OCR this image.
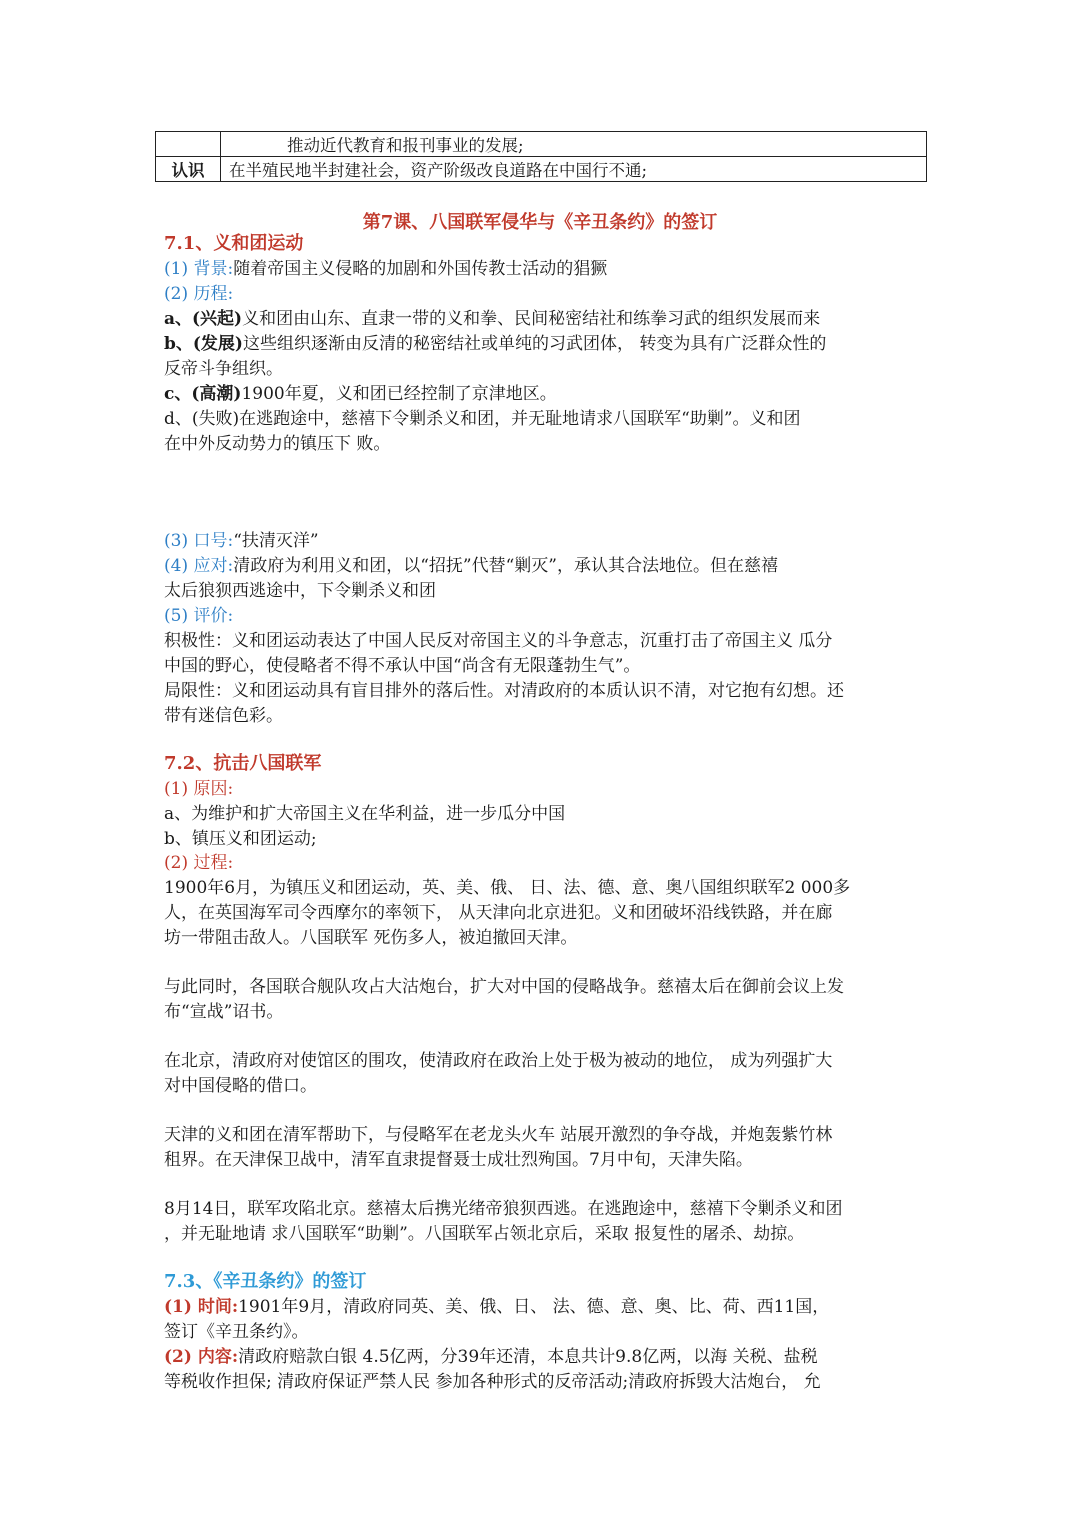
	推动近代教育和报刊事业的发展;
认识	在半殖民地半封建社会，资产阶级改良道路在中国行不通;
第7课、八国联军侵华与《辛丑条约》的签订
7.1、义和团运动
(1) 背景:随着帝国主义侵略的加剧和外国传教士活动的猖獗
(2) 历程:
a、(兴起)义和团由山东、直隶一带的义和拳、民间秘密结社和练拳习武的组织发展而来
b、(发展)这些组织逐渐由反清的秘密结社或单纯的习武团体， 转变为具有广泛群众性的
反帝斗争组织。
c、(高潮)1900年夏，义和团已经控制了京津地区。
d、(失败)在逃跑途中，慈禧下令剿杀义和团，并无耻地请求八国联军“助剿”。义和团
在中外反动势力的镇压下 败。
(3) 口号:“扶清灭洋”
(4) 应对:清政府为利用义和团，以“招抚”代替“剿灭”，承认其合法地位。但在慈禧
太后狼狈西逃途中，下令剿杀义和团
(5) 评价:
积极性：义和团运动表达了中国人民反对帝国主义的斗争意志，沉重打击了帝国主义 瓜分
中国的野心，使侵略者不得不承认中国“尚含有无限蓬勃生气”。
局限性：义和团运动具有盲目排外的落后性。对清政府的本质认识不清，对它抱有幻想。还
带有迷信色彩。
7.2、抗击八国联军
(1) 原因:
a、为维护和扩大帝国主义在华利益，进一步瓜分中国
b、镇压义和团运动;
(2) 过程:
1900年6月，为镇压义和团运动，英、美、俄、 日、法、德、意、奥八国组织联军2 000多
人，在英国海军司令西摩尔的率领下， 从天津向北京进犯。义和团破坏沿线铁路，并在廊
坊一带阻击敌人。八国联军 死伤多人，被迫撤回天津。
与此同时，各国联合舰队攻占大沽炮台，扩大对中国的侵略战争。慈禧太后在御前会议上发
布“宣战”诏书。
在北京，清政府对使馆区的围攻，使清政府在政治上处于极为被动的地位， 成为列强扩大
对中国侵略的借口。
天津的义和团在清军帮助下，与侵略军在老龙头火车 站展开激烈的争夺战，并炮轰紫竹林
租界。在天津保卫战中，清军直隶提督聂士成壮烈殉国。7月中旬，天津失陷。
8月14日，联军攻陷北京。慈禧太后携光绪帝狼狈西逃。在逃跑途中，慈禧下令剿杀义和团
，并无耻地请 求八国联军“助剿”。八国联军占领北京后，采取 报复性的屠杀、劫掠。
7.3、《辛丑条约》的签订
(1) 时间:1901年9月，清政府同英、美、俄、日、 法、德、意、奥、比、荷、西11国，
签订《辛丑条约》。
(2) 内容:清政府赔款白银 4.5亿两，分39年还清，本息共计9.8亿两，以海 关税、盐税
等税收作担保; 清政府保证严禁人民 参加各种形式的反帝活动;清政府拆毁大沽炮台， 允
